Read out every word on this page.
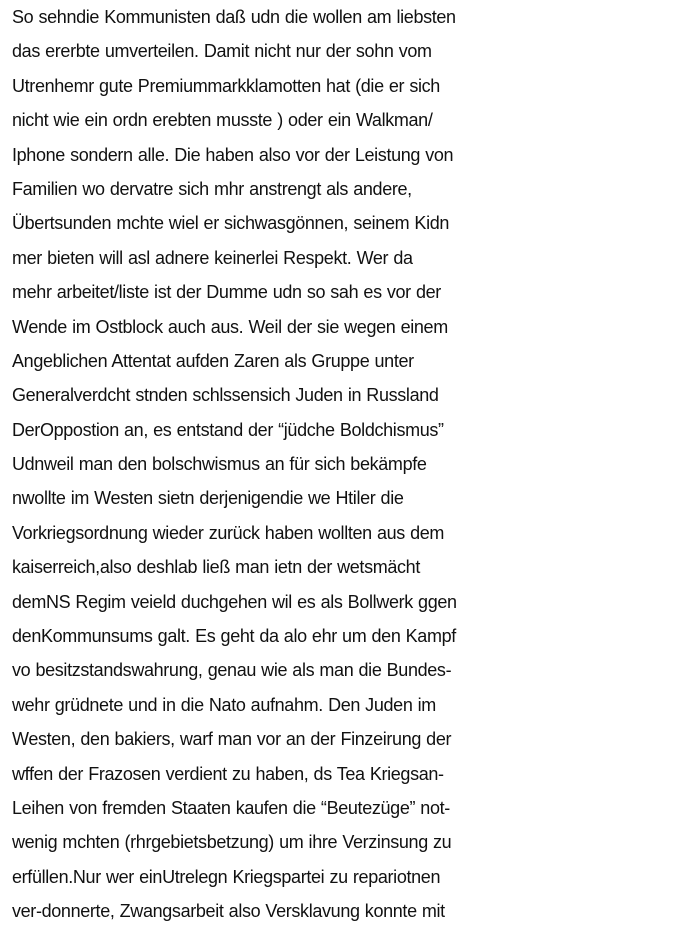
So sehndie Kommunisten daß udn die wollen am liebsten
das ererbte umverteilen. Damit nicht nur der sohn vom
Utrenhemr gute Premiummarkklamotten hat (die er sich
nicht wie ein ordn erebten musste ) oder ein Walkman/
Iphone sondern alle. Die haben also vor der Leistung von
Familien wo dervatre sich mhr anstrengt als andere,
Übertsunden mchte wiel er sichwasgönnen, seinem Kidn
mer bieten will asl adnere keinerlei Respekt. Wer da
mehr arbeitet/liste ist der Dumme udn so sah es vor der
Wende im Ostblock auch aus. Weil der sie wegen einem
Angeblichen Attentat aufden Zaren als Gruppe unter
Generalverdcht stnden schlssensich Juden in Russland
DerOppostion an, es entstand der “jüdche Boldchismus”
Udnweil man den bolschwismus an für sich bekämpfe
nwollte im Westen sietn derjenigendie we Htiler die
Vorkriegsordnung wieder zurück haben wollten aus dem
kaiserreich,also deshlab ließ man ietn der wetsmächt
demNS Regim veield duchgehen wil es als Bollwerk ggen
denKommunsums galt. Es geht da alo ehr um den Kampf
vo besitzstandswahrung, genau wie als man die Bundes-
wehr grüdnete und in die Nato aufnahm. Den Juden im
Westen, den bakiers, warf man vor an der Finzeirung der
wffen der Frazosen verdient zu haben, ds Tea Kriegsan-
Leihen von fremden Staaten kaufen die “Beutezüge” not-
wenig mchten (rhrgebietsbetzung) um ihre Verzinsung zu
erfüllen.Nur wer einUtrelegn Kriegspartei zu repariotnen
ver-donnerte, Zwangsarbeit also Versklavung konnte mit
